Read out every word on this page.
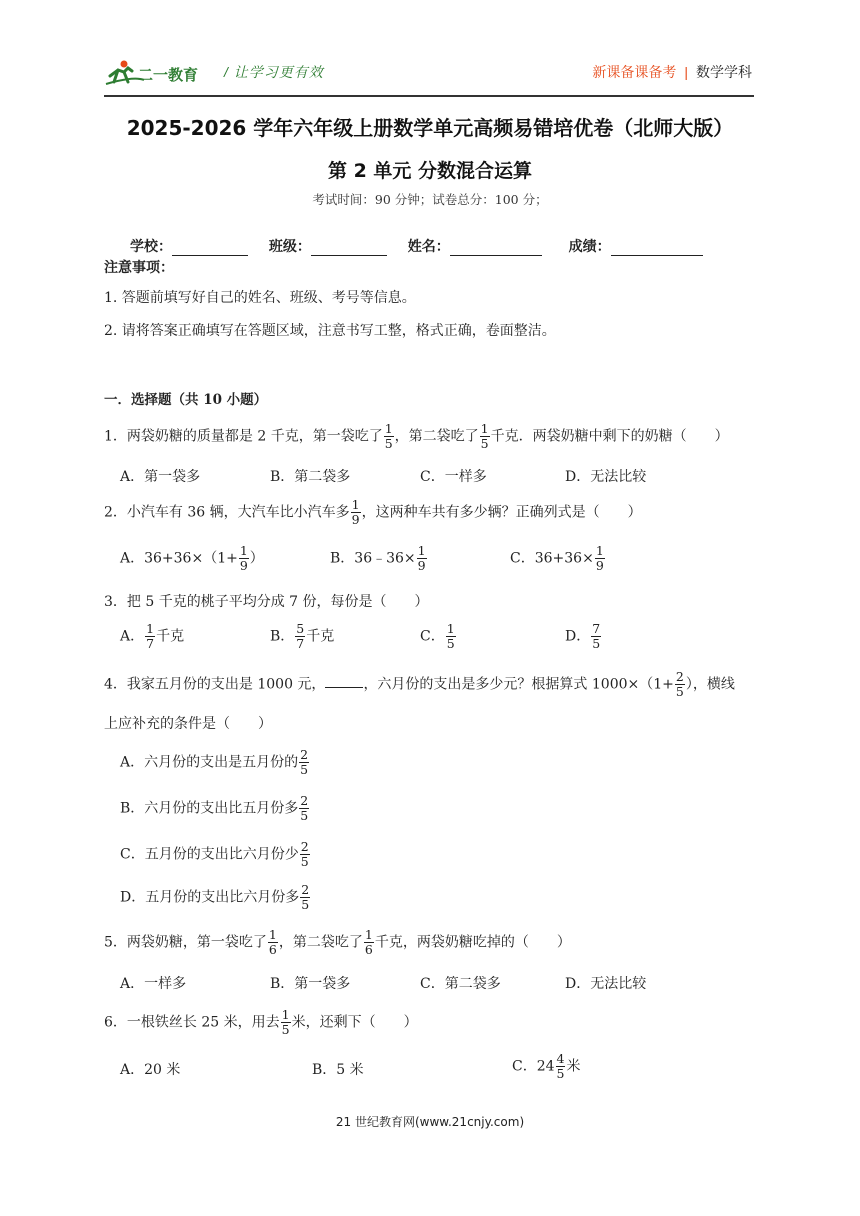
二一教育 / 让学习更有效	新课备课备考 | 数学学科
2025-2026 学年六年级上册数学单元高频易错培优卷（北师大版）
第 2 单元 分数混合运算
考试时间：90 分钟；试卷总分：100 分；
学校：	班级：	姓名：	成绩：
注意事项：
1. 答题前填写好自己的姓名、班级、考号等信息。
2. 请将答案正确填写在答题区域，注意书写工整，格式正确，卷面整洁。
一．选择题（共 10 小题）
1．两袋奶糖的质量都是 2 千克，第一袋吃了 $\frac{1}{5}$ ，第二袋吃了 $\frac{1}{5}$ 千克．两袋奶糖中剩下的奶糖（　　）
A．第一袋多	B．第二袋多	C．一样多	D．无法比较
2．小汽车有 36 辆，大汽车比小汽车多 $\frac{1}{9}$ ，这两种车共有多少辆？正确列式是（　　）
A．$36+36\times(1+ \frac{1}{9}$ ）	B．36﹣36× $\frac{1}{9}$	C．$36+36\times \frac{1}{9}$
3．把 5 千克的桃子平均分成 7 份，每份是（　　）
A． $\frac{1}{7}$ 千克	B． $\frac{5}{7}$ 千克	C． $\frac{1}{5}$	D． $\frac{7}{5}$
4．我家五月份的支出是 1000 元，	，六月份的支出是多少元？根据算式 $1000\times(1+ \frac{2}{5}$ ），横线
上应补充的条件是（　　）
A．六月份的支出是五月份的 $\frac{2}{5}$
B．六月份的支出比五月份多 $\frac{2}{5}$
C．五月份的支出比六月份少 $\frac{2}{5}$
D．五月份的支出比六月份多 $\frac{2}{5}$
5．两袋奶糖，第一袋吃了 $\frac{1}{6}$ ，第二袋吃了 $\frac{1}{6}$ 千克，两袋奶糖吃掉的（　　）
A．一样多	B．第一袋多	C．第二袋多	D．无法比较
6．一根铁丝长 25 米，用去 $\frac{1}{5}$ 米，还剩下（　　）
A．20 米	B．5 米	C．$24 \frac{4}{5}$ 米
21 世纪教育网(www.21cnjy.com)
